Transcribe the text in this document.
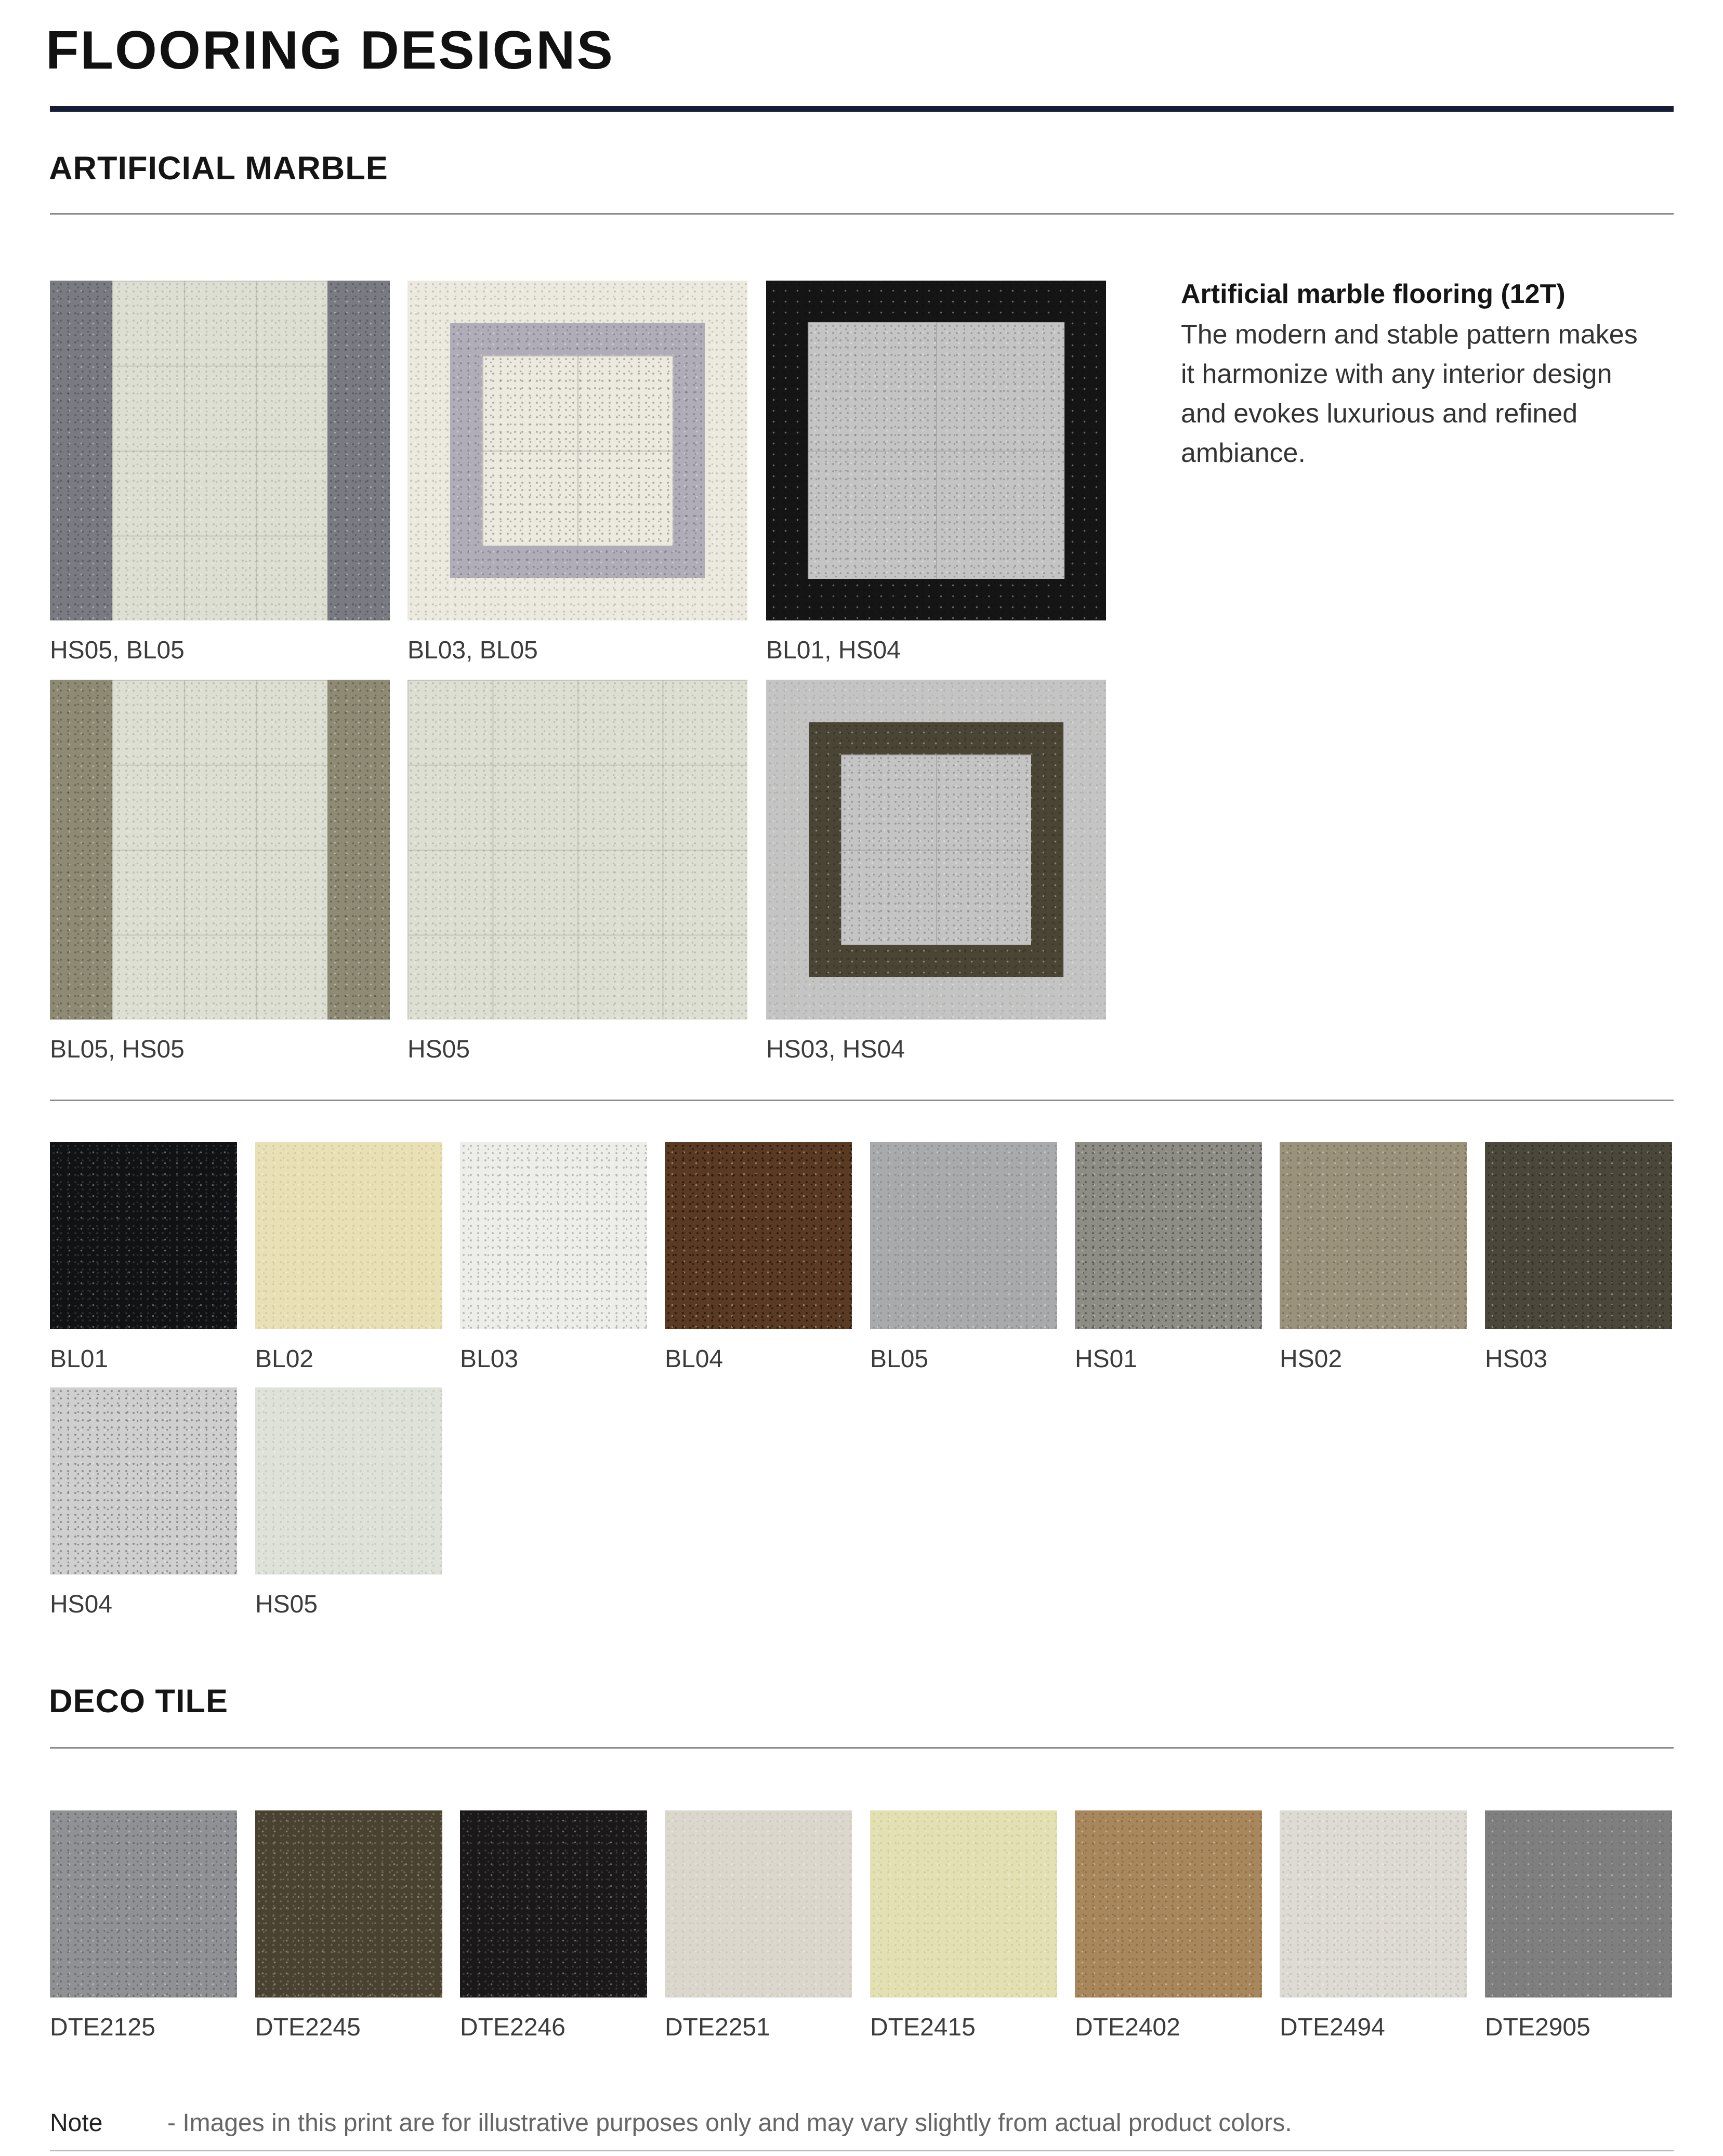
FLOORING DESIGNS
ARTIFICIAL MARBLE
HS05, BL05	BL03, BL05	BL01, HS04
BL05, HS05	HS05	HS03, HS04
Artificial marble flooring (12T)
The modern and stable pattern makes it harmonize with any interior design and evokes luxurious and refined ambiance.
BL01	BL02	BL03	BL04	BL05	HS01	HS02	HS03
HS04	HS05
DECO TILE
DTE2125	DTE2245	DTE2246	DTE2251	DTE2415	DTE2402	DTE2494	DTE2905
Note	- Images in this print are for illustrative purposes only and may vary slightly from actual product colors.
